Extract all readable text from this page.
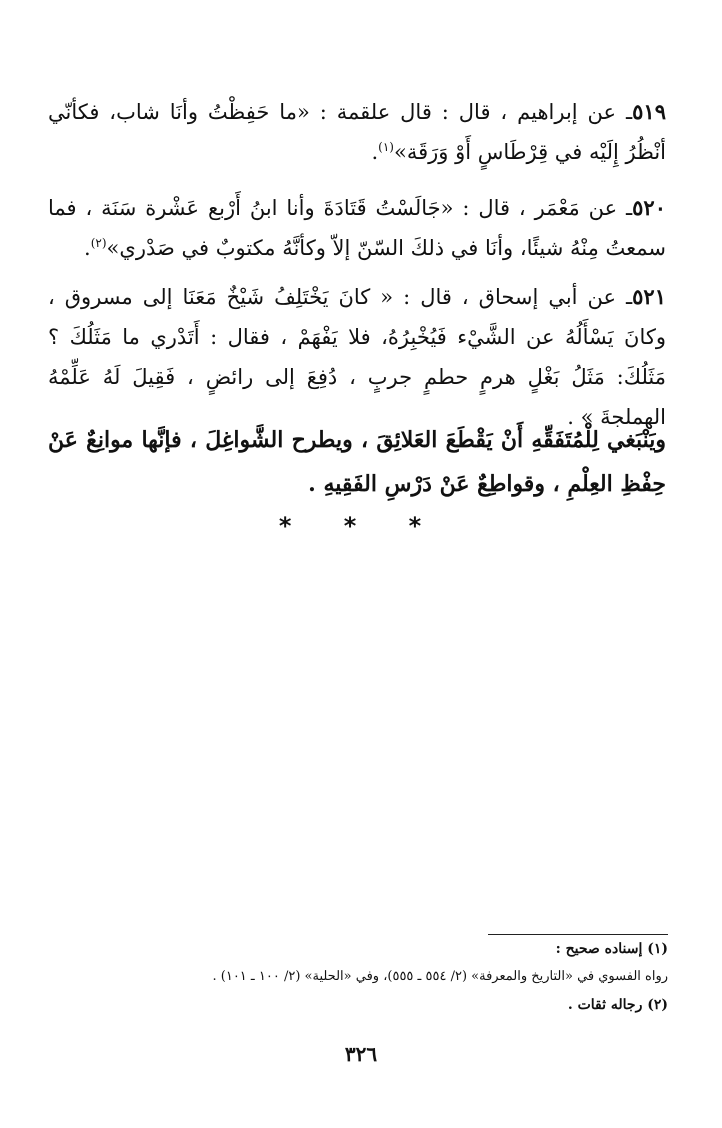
٥١٩ـ عن إبراهيم ، قال : قال علقمة : «ما حَفِظْتُ وأنَا شاب، فكأنّي أنْظُرُ إِلَيْه في قِرْطَاسٍ أَوْ وَرَقَة»$^{(١)}$.

٥٢٠ـ عن مَعْمَر ، قال : «جَالَسْتُ قَتَادَةَ وأنا ابنُ أَرْبع عَشْرة سَنَة ، فما سمعتُ مِنْهُ شيئًا، وأنَا في ذلكَ السّنّ إلاّ وكأنَّهُ مكتوبٌ في صَدْري»$^{(٢)}$.

٥٢١ـ عن أبي إسحاق ، قال : « كانَ يَخْتَلِفُ شَيْخٌ مَعَنَا إلى مسروق ، وكانَ يَسْأَلُهُ عن الشَّيْء فَيُخْبِرُهُ، فلا يَفْهَمْ ، فقال : أَتَدْري ما مَثَلُكَ ؟ مَثَلُكَ: مَثَلُ بَغْلٍ هرمٍ حطمٍ جربٍ ، دُفِعَ إلى رائضٍ ، فَقِيلَ لَهُ عَلِّمْهُ الهملجةَ » .

ويَنْبَغي لِلْمُتَفَقِّهِ أَنْ يَقْطَعَ العَلائِقَ ، ويطرح الشَّواغِلَ ، فإنَّها موانِعٌ عَنْ حِفْظِ العِلْمِ ، وقواطِعٌ عَنْ دَرْسِ الفَقِيهِ .

* * *

(١) إسناده صحيح :

رواه الفسوي في «التاريخ والمعرفة» (٢/ ٥٥٤ ـ ٥٥٥)، وفي «الحلية» (٢/ ١٠٠ ـ ١٠١) .

(٢) رجاله ثقات .

٣٢٦
